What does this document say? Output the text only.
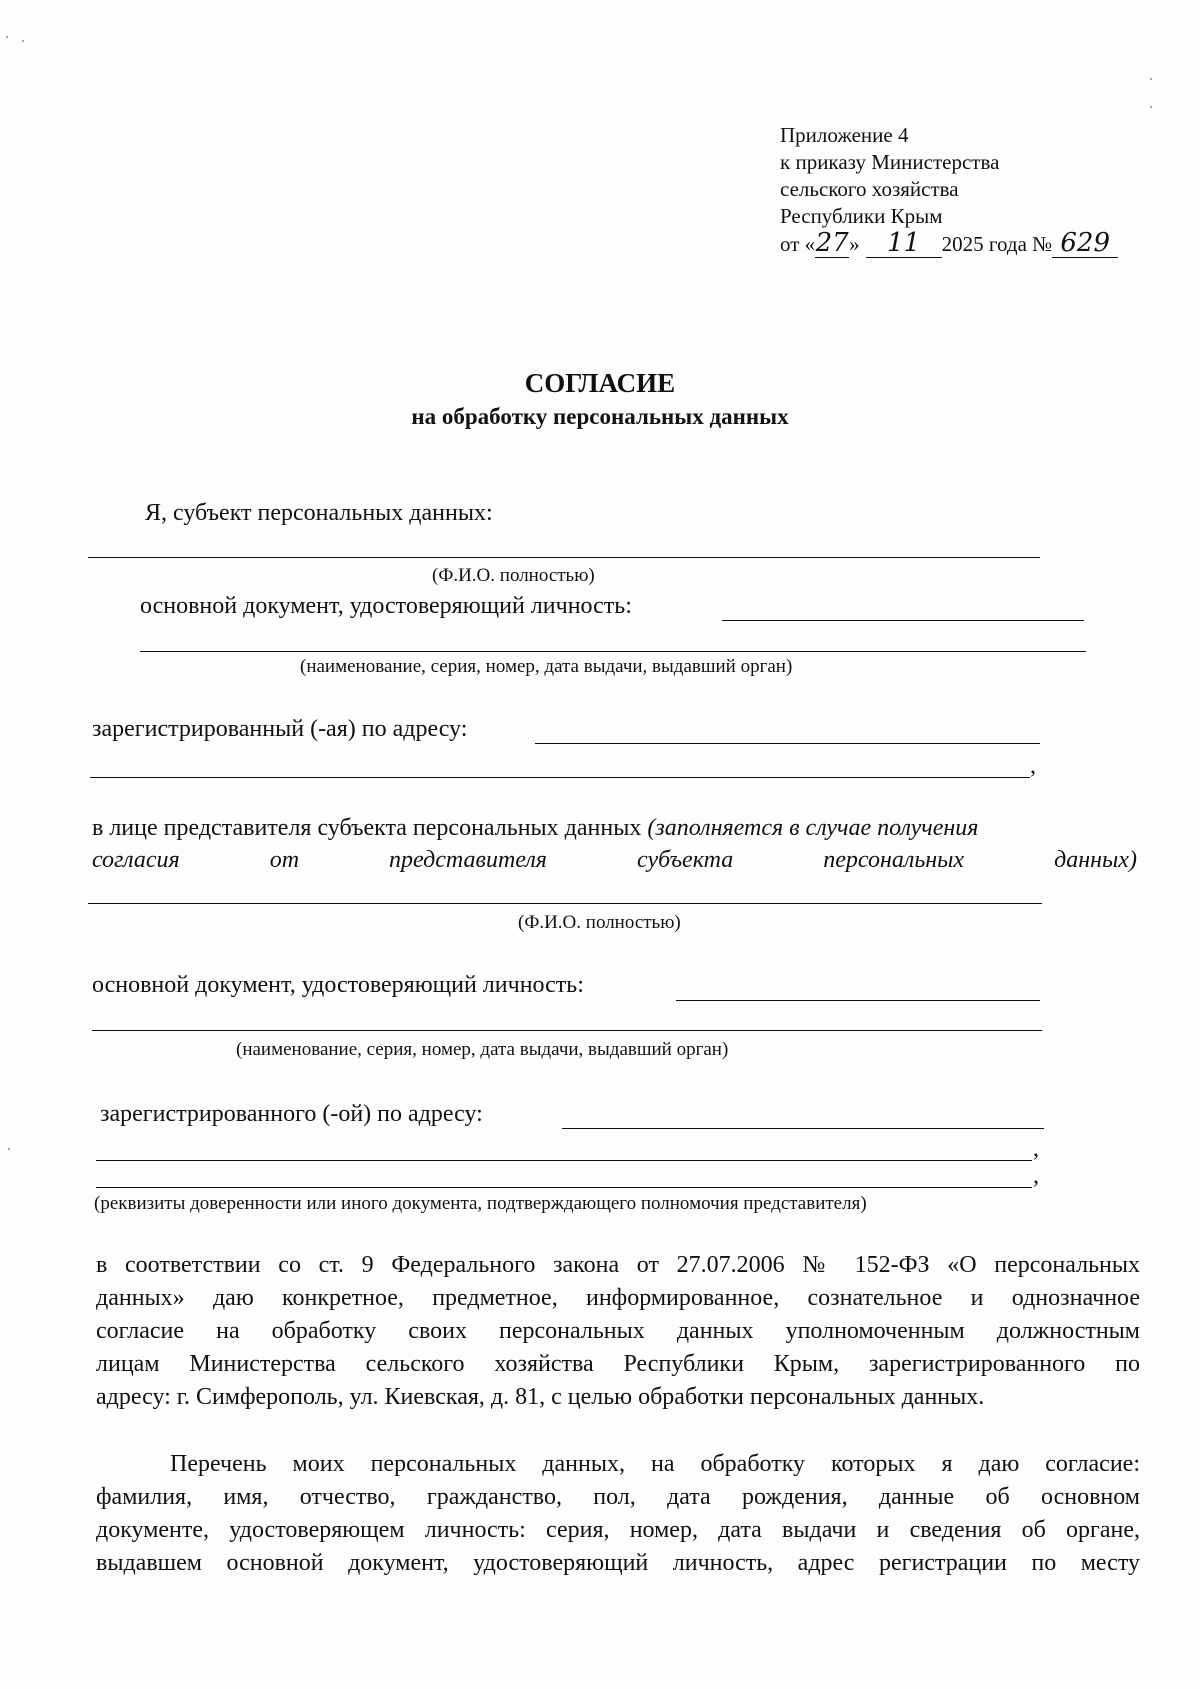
Приложение 4
к приказу Министерства
сельского хозяйства
Республики Крым
от «27» 11 2025 года № 629
СОГЛАСИЕ
на обработку персональных данных
Я, субъект персональных данных:
(Ф.И.О. полностью)
основной документ, удостоверяющий личность:
(наименование, серия, номер, дата выдачи, выдавший орган)
зарегистрированный (-ая) по адресу:
,
в лице представителя субъекта персональных данных (заполняется в случае получения
согласия	от	представителя	субъекта	персональных	данных)
(Ф.И.О. полностью)
основной документ, удостоверяющий личность:
(наименование, серия, номер, дата выдачи, выдавший орган)
зарегистрированного (-ой) по адресу:
,
,
(реквизиты доверенности или иного документа, подтверждающего полномочия представителя)
в соответствии со ст. 9 Федерального закона от 27.07.2006 № 152-ФЗ «О персональных
данных» даю конкретное, предметное, информированное, сознательное и однозначное
согласие на обработку своих персональных данных уполномоченным должностным
лицам Министерства сельского хозяйства Республики Крым, зарегистрированного по
адресу: г. Симферополь, ул. Киевская, д. 81, с целью обработки персональных данных.
Перечень моих персональных данных, на обработку которых я даю согласие:
фамилия, имя, отчество, гражданство, пол, дата рождения, данные об основном
документе, удостоверяющем личность: серия, номер, дата выдачи и сведения об органе,
выдавшем основной документ, удостоверяющий личность, адрес регистрации по месту
